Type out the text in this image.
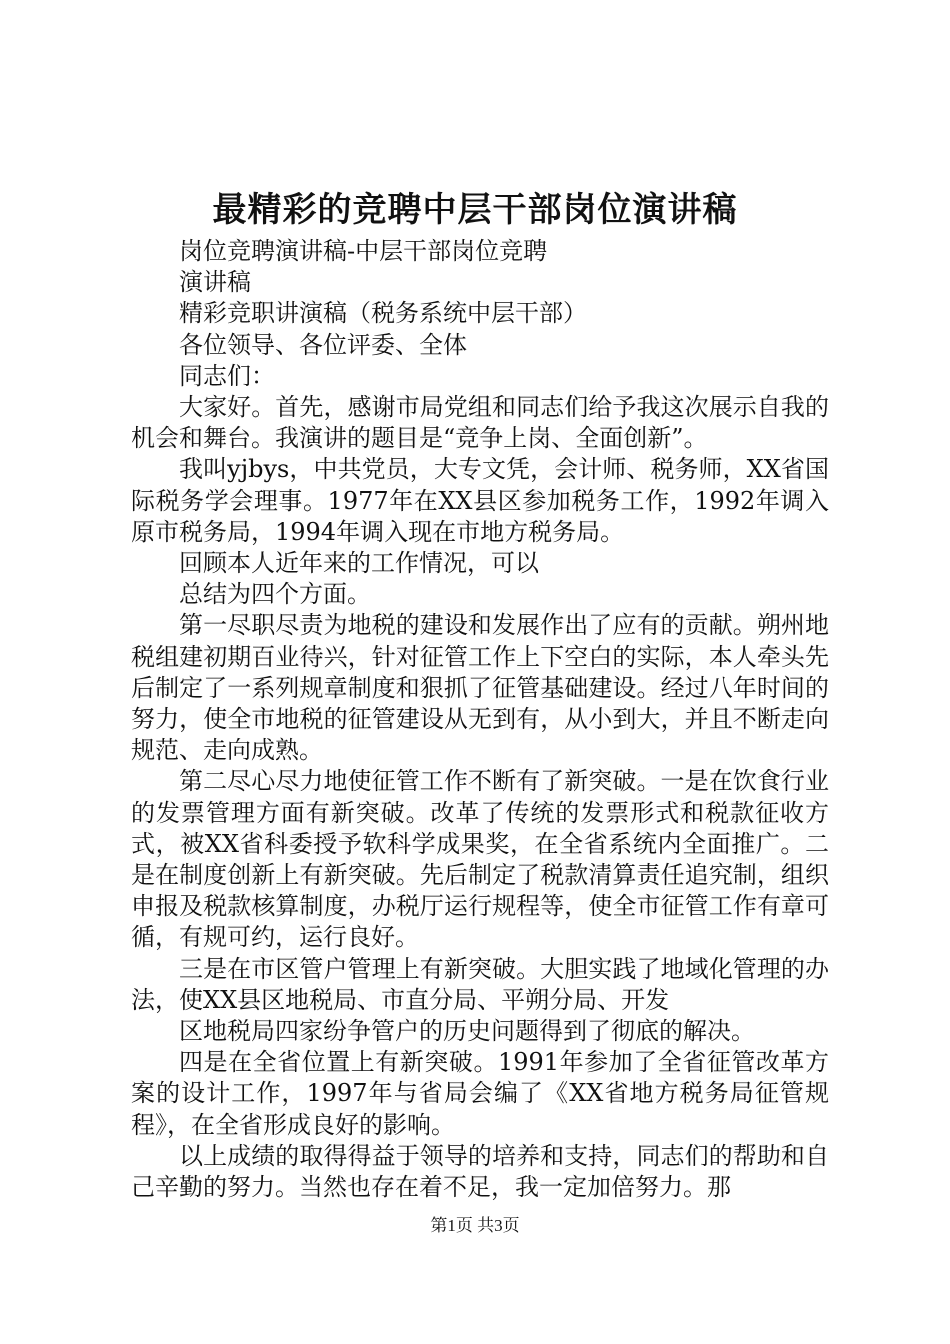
最精彩的竞聘中层干部岗位演讲稿

岗位竞聘演讲稿-中层干部岗位竞聘

演讲稿

精彩竞职讲演稿（税务系统中层干部）

各位领导、各位评委、全体

同志们：

大家好。首先，感谢市局党组和同志们给予我这次展示自我的机会和舞台。我演讲的题目是“竞争上岗、全面创新”。

我叫yjbys，中共党员，大专文凭，会计师、税务师，XX省国际税务学会理事。1977年在XX县区参加税务工作，1992年调入原市税务局，1994年调入现在市地方税务局。

回顾本人近年来的工作情况，可以

总结为四个方面。

第一尽职尽责为地税的建设和发展作出了应有的贡献。朔州地税组建初期百业待兴，针对征管工作上下空白的实际，本人牵头先后制定了一系列规章制度和狠抓了征管基础建设。经过八年时间的努力，使全市地税的征管建设从无到有，从小到大，并且不断走向规范、走向成熟。

第二尽心尽力地使征管工作不断有了新突破。一是在饮食行业的发票管理方面有新突破。改革了传统的发票形式和税款征收方式，被XX省科委授予软科学成果奖，在全省系统内全面推广。二是在制度创新上有新突破。先后制定了税款清算责任追究制，组织申报及税款核算制度，办税厅运行规程等，使全市征管工作有章可循，有规可约，运行良好。

三是在市区管户管理上有新突破。大胆实践了地域化管理的办法，使XX县区地税局、市直分局、平朔分局、开发

区地税局四家纷争管户的历史问题得到了彻底的解决。

四是在全省位置上有新突破。1991年参加了全省征管改革方案的设计工作，1997年与省局会编了《XX省地方税务局征管规程》，在全省形成良好的影响。

以上成绩的取得得益于领导的培养和支持，同志们的帮助和自己辛勤的努力。当然也存在着不足，我一定加倍努力。那

第1页 共3页
